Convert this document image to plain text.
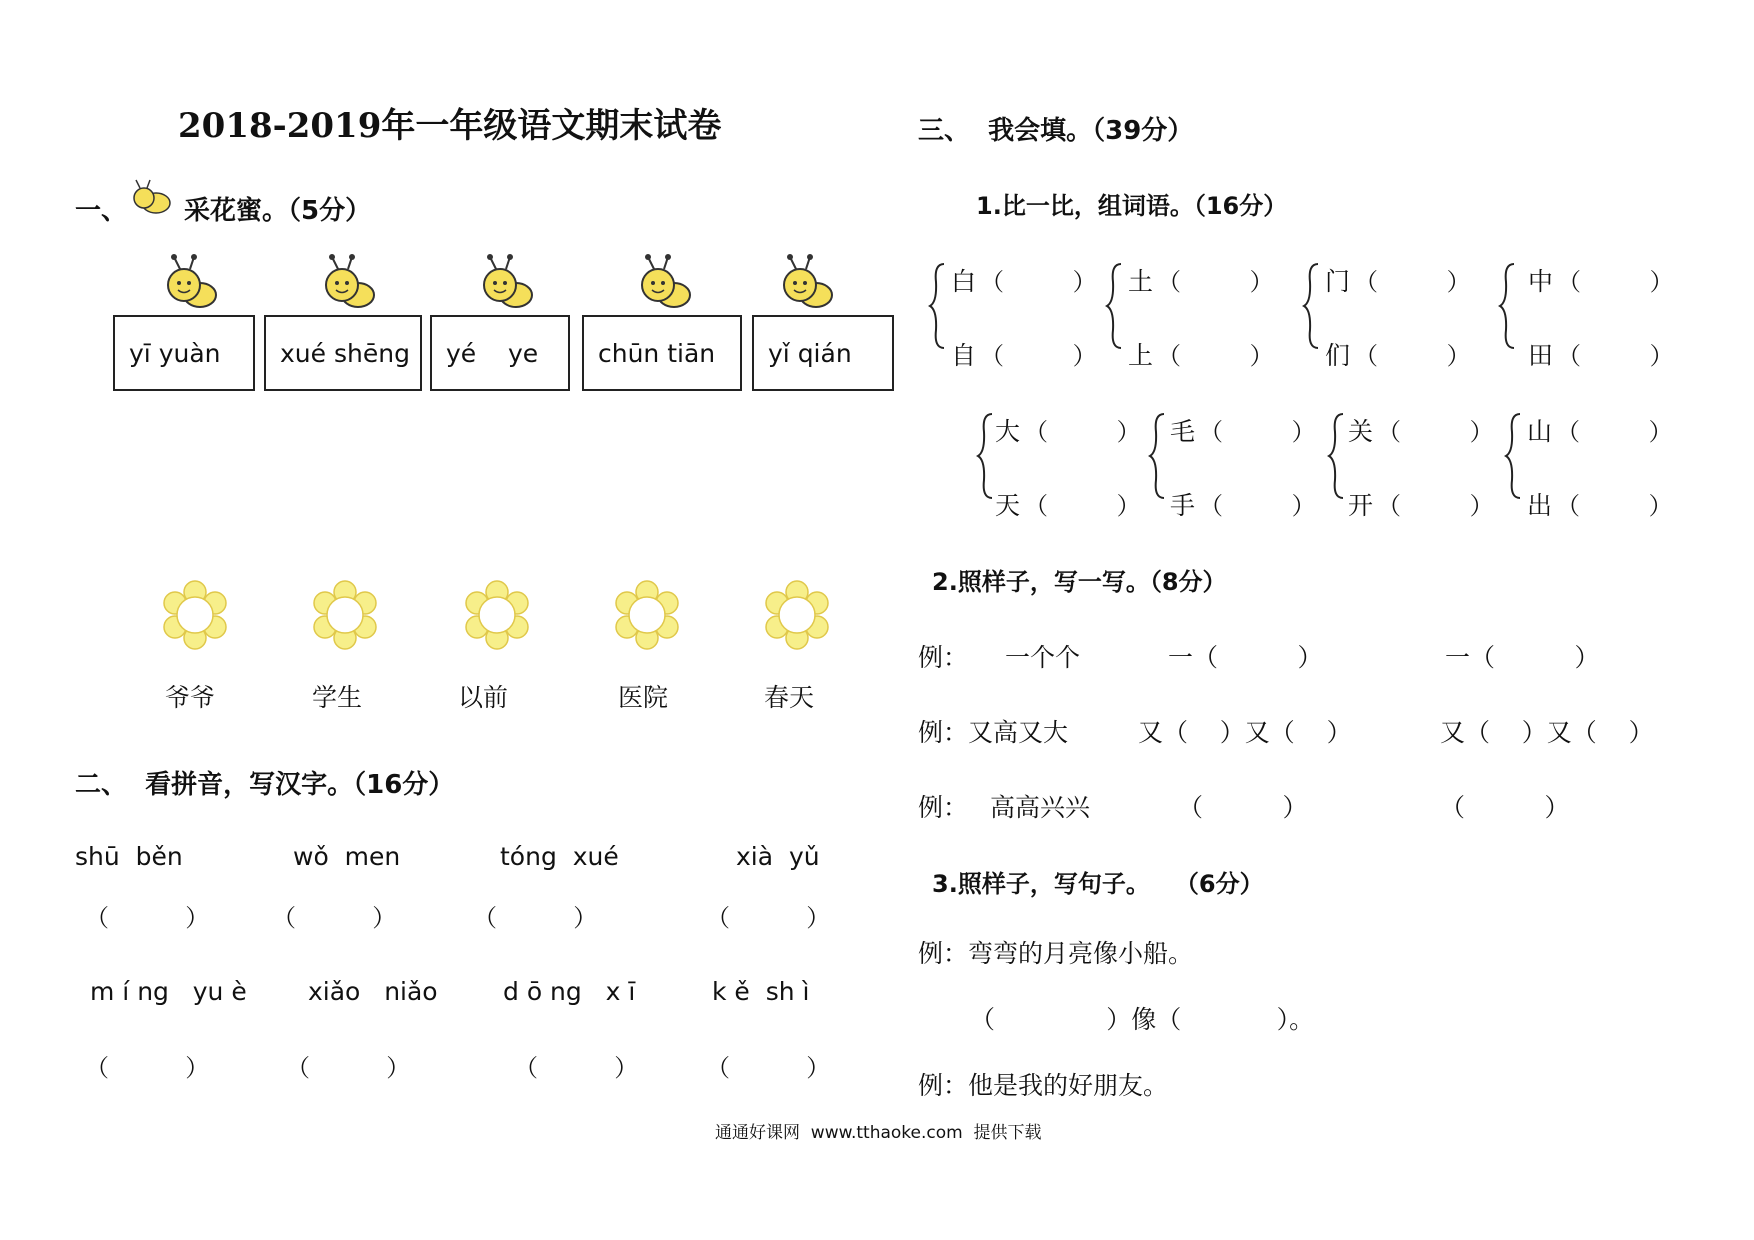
2018-2019年一年级语文期末试卷
一、 采花蜜。（5分）
yī yuàn xué shēng yé    ye chūn tiān yǐ qián
爷爷	学生	以前	医院	春天
二、  看拼音，写汉字。（16分）
shū  běn	wǒ  men	tóng  xué	xià  yǔ
（          ）	（          ）	（          ）	（          ）
m í ng   yu è xiǎo   niǎo	d ō ng   x ī	k ě  sh ì
（          ）	（          ）	（          ）	（          ）
三、  我会填。（39分）
1.比一比，组词语。（16分）
白 （         ）
自 （         ）
土 （         ）
上 （         ）
门 （         ）
们 （         ）
中 （         ）
田 （         ）
大 （         ）
天 （         ）
毛 （         ）
手 （         ）
关 （         ）
开 （         ）
山 （         ）
出 （         ）
2.照样子，写一写。（8分）
例： 一个个	一（          ）	一（          ）
例：又高又大	又（    ）又（    ）	又（    ）又（    ）
例： 高高兴兴	（          ）	（          ）
3.照样子，写句子。   （6分）
例：弯弯的月亮像小船。
（              ）像（            ）。
例：他是我的好朋友。
通通好课网  www.tthaoke.com  提供下载
